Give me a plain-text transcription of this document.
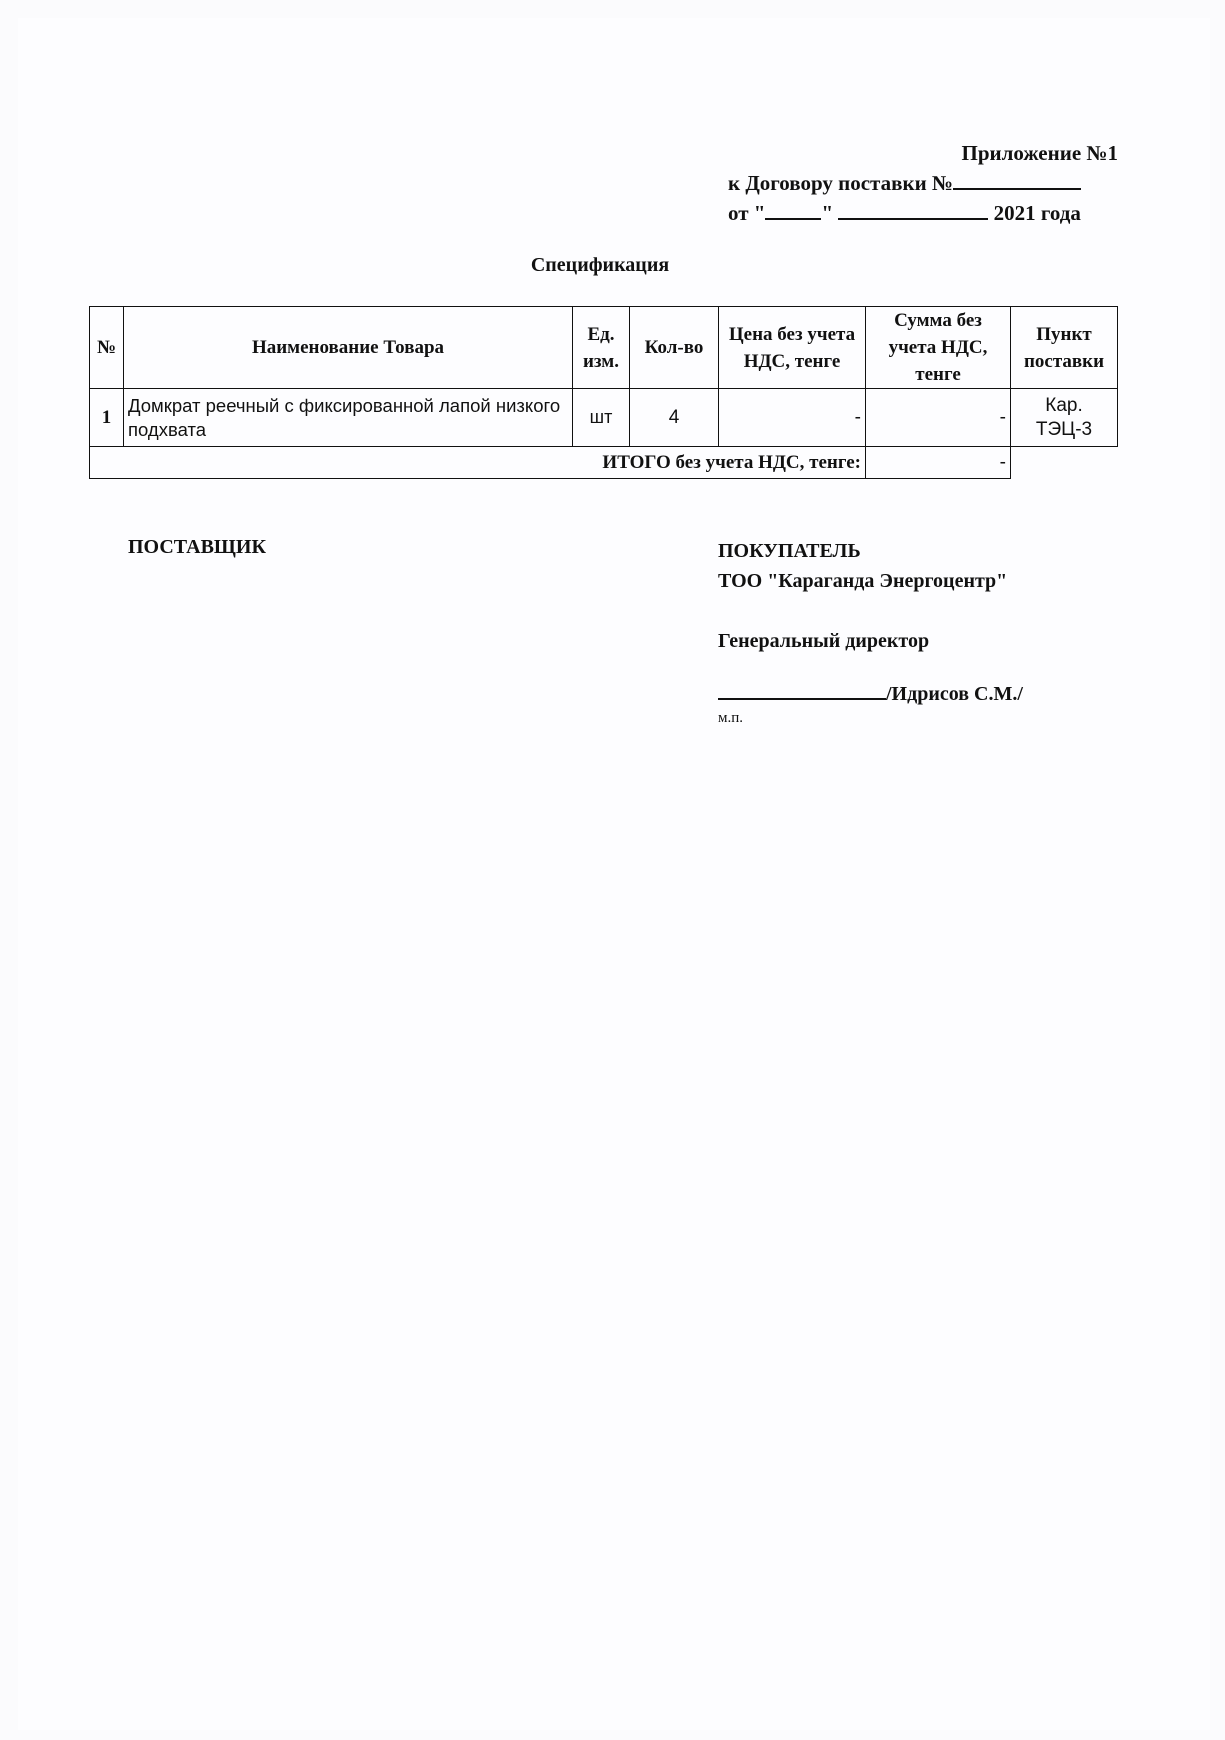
Приложение №1
к Договору поставки №
от "	"	2021 года
Спецификация
№	Наименование Товара	Ед. изм.	Кол-во	Цена без учета НДС, тенге	Сумма без учета НДС, тенге	Пункт поставки
1	Домкрат реечный с фиксированной лапой низкого подхвата	шт	4	-	-	Кар. ТЭЦ-3
ИТОГО без учета НДС, тенге:					-	
ПОСТАВЩИК	ПОКУПАТЕЛЬ
ТОО "Караганда Энергоцентр"
Генеральный директор
/Идрисов С.М./
м.п.
